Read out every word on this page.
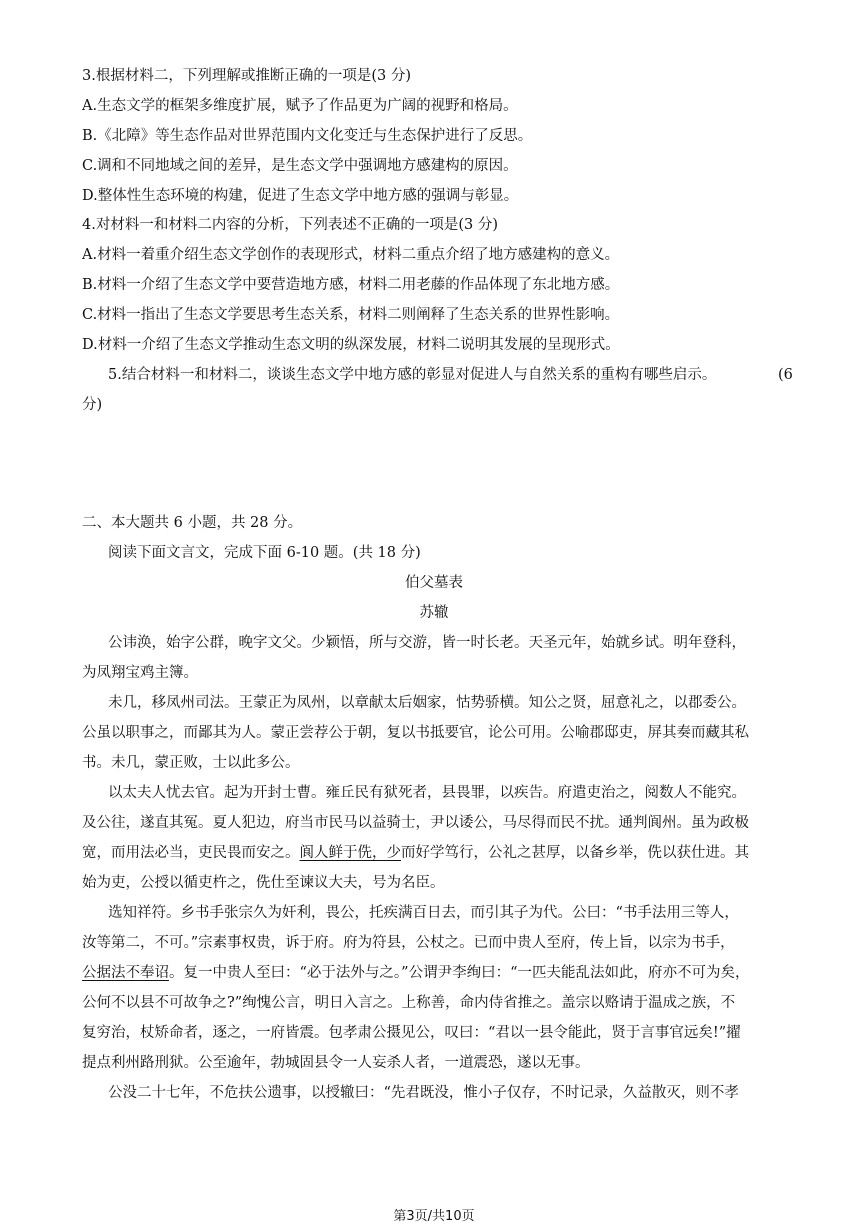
3.根据材料二，下列理解或推断正确的一项是(3 分)
A.生态文学的框架多维度扩展，赋予了作品更为广阔的视野和格局。
B.《北障》等生态作品对世界范围内文化变迁与生态保护进行了反思。
C.调和不同地域之间的差异，是生态文学中强调地方感建构的原因。
D.整体性生态环境的构建，促进了生态文学中地方感的强调与彰显。
4.对材料一和材料二内容的分析，下列表述不正确的一项是(3 分)
A.材料一着重介绍生态文学创作的表现形式，材料二重点介绍了地方感建构的意义。
B.材料一介绍了生态文学中要营造地方感，材料二用老藤的作品体现了东北地方感。
C.材料一指出了生态文学要思考生态关系，材料二则阐释了生态关系的世界性影响。
D.材料一介绍了生态文学推动生态文明的纵深发展，材料二说明其发展的呈现形式。
5.结合材料一和材料二，谈谈生态文学中地方感的彰显对促进人与自然关系的重构有哪些启示。	(6
分)
二、本大题共 6 小题，共 28 分。
阅读下面文言文，完成下面 6-10 题。(共 18 分)
伯父墓表
苏辙
公讳涣，始字公群，晚字文父。少颖悟，所与交游，皆一时长老。天圣元年，始就乡试。明年登科，
为凤翔宝鸡主簿。
未几，移凤州司法。王蒙正为凤州，以章献太后姻家，怙势骄横。知公之贤，屈意礼之，以郡委公。
公虽以职事之，而鄙其为人。蒙正尝荐公于朝，复以书抵要官，论公可用。公喻郡邸吏，屏其奏而藏其私
书。未几，蒙正败，士以此多公。
以太夫人忧去官。起为开封士曹。雍丘民有狱死者，县畏罪，以疾告。府遣吏治之，阅数人不能究。
及公往，遂直其冤。夏人犯边，府当市民马以益骑士，尹以诿公，马尽得而民不扰。通判阆州。虽为政极
宽，而用法必当，吏民畏而安之。阆人鲜于侁，少而好学笃行，公礼之甚厚，以备乡举，侁以获仕进。其
始为吏，公授以循吏杵之，侁仕至谏议大夫，号为名臣。
选知祥符。乡书手张宗久为奸利，畏公，托疾满百日去，而引其子为代。公曰：“书手法用三等人，
汝等第二，不可。”宗素事权贵，诉于府。府为符县，公杖之。已而中贵人至府，传上旨，以宗为书手，
公据法不奉诏。复一中贵人至曰：“必于法外与之。”公谓尹李绚曰：“一匹夫能乱法如此，府亦不可为矣，
公何不以县不可故争之?”绚愧公言，明日入言之。上称善，命内侍省推之。盖宗以赂请于温成之族，不
复穷治，杖矫命者，逐之，一府皆震。包孝肃公摄见公，叹曰：“君以一县令能此，贤于言事官远矣!”擢
提点利州路刑狱。公至逾年，勃城固县令一人妄杀人者，一道震恐，遂以无事。
公没二十七年，不危扶公遗事，以授辙曰：“先君既没，惟小子仅存，不时记录，久益散灭，则不孝
第3页/共10页
